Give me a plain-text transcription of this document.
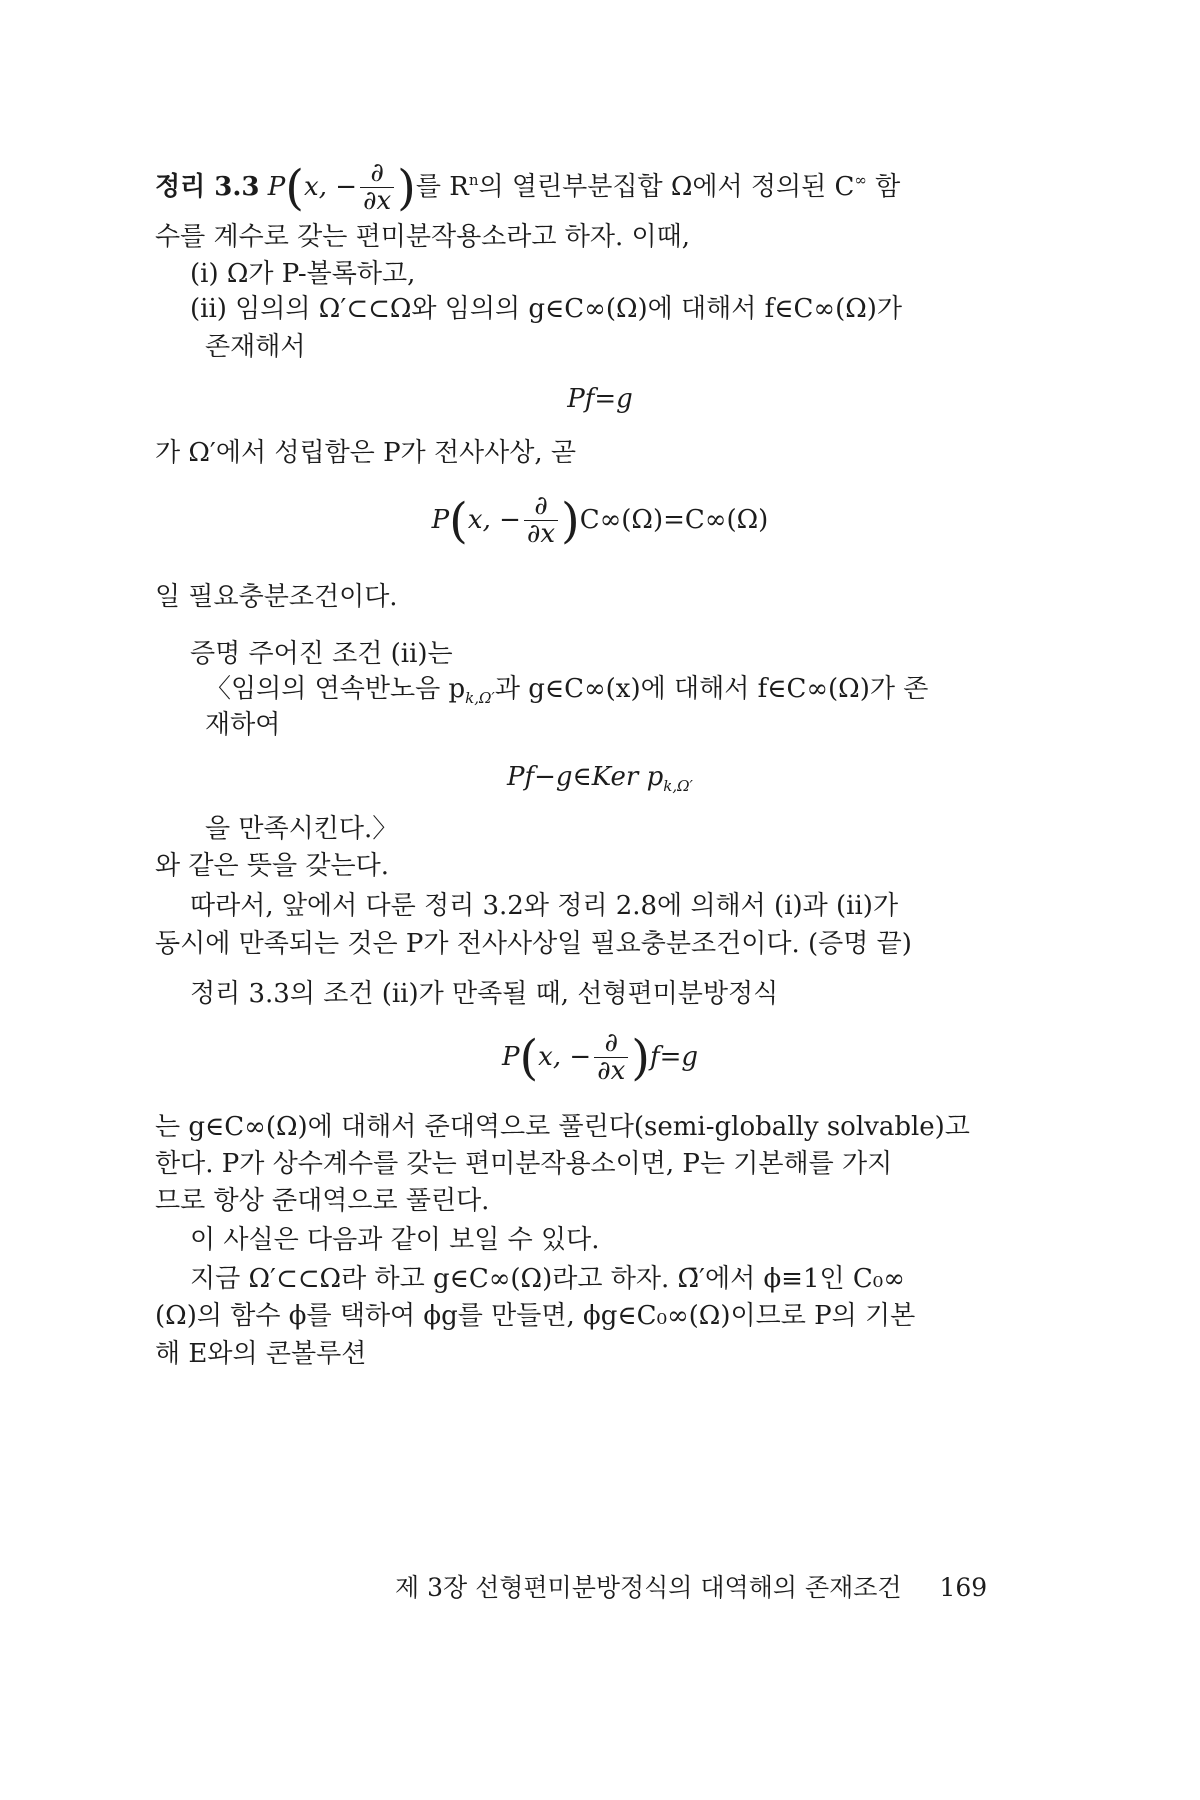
정리 3.3 P(x, − $\frac{\partial}{\partial x}$ )를 $R^n$의 열린부분집합 Ω에서 정의된 C∞ 함
수를 계수로 갖는 편미분작용소라고 하자. 이때,
(i) Ω가 P-볼록하고,
(ii) 임의의 Ω′⊂⊂Ω와 임의의 g∈C∞(Ω)에 대해서 f∈C∞(Ω)가
존재해서
Pf=g
가 Ω′에서 성립함은 P가 전사사상, 곧
P(x, − $\frac{\partial}{\partial x} )C\infty(\Omega)=C\infty(\Omega)$
일 필요충분조건이다.
증명 주어진 조건 (ii)는
〈임의의 연속반노음 $p_{k,\Omega'}$과 g∈C∞(x)에 대해서 f∈C∞(Ω)가 존
재하여
Pf−g∈Ker $p_{k,\Omega'}$
을 만족시킨다.〉
와 같은 뜻을 갖는다.
따라서, 앞에서 다룬 정리 3.2와 정리 2.8에 의해서 (i)과 (ii)가
동시에 만족되는 것은 P가 전사사상일 필요충분조건이다. (증명 끝)
정리 3.3의 조건 (ii)가 만족될 때, 선형편미분방정식
P(x, − $\frac{\partial}{\partial x} )f=g$
는 g∈C∞(Ω)에 대해서 준대역으로 풀린다(semi-globally solvable)고
한다. P가 상수계수를 갖는 편미분작용소이면, P는 기본해를 가지
므로 항상 준대역으로 풀린다.
이 사실은 다음과 같이 보일 수 있다.
지금 Ω′⊂⊂Ω라 하고 g∈C∞(Ω)라고 하자. Ω̄′에서 ϕ≡1인 C₀∞
(Ω)의 함수 ϕ를 택하여 ϕg를 만들면, ϕg∈C₀∞(Ω)이므로 P의 기본
해 E와의 콘볼루션
제 3장 선형편미분방정식의 대역해의 존재조건 169
